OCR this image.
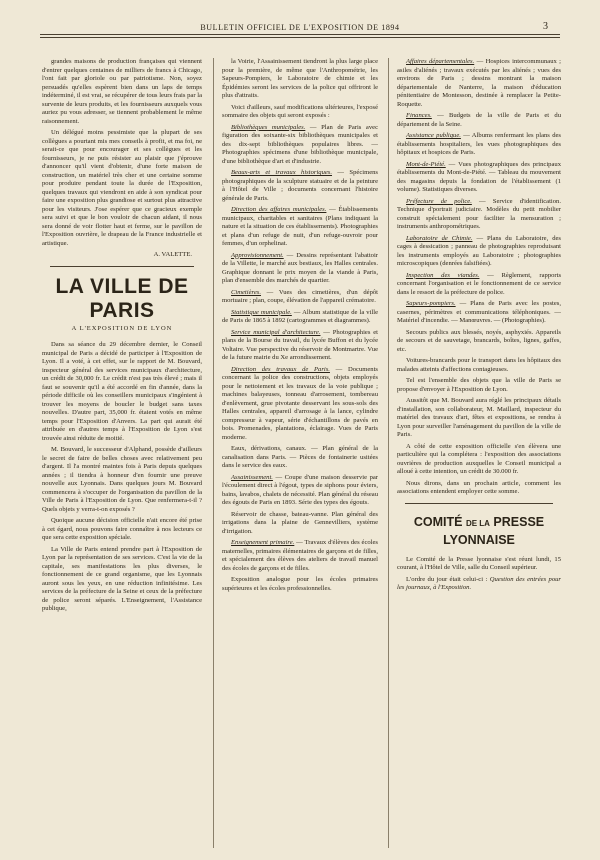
BULLETIN OFFICIEL DE L'EXPOSITION DE 1894	3

grandes maisons de production françaises qui viennent d'entrer quelques centaines de milliers de francs à Chicago, l'ont fait par gloriole ou par patriotisme. Non, soyez persuadés qu'elles espèrent bien dans un laps de temps indéterminé, il est vrai, se récupérer de tous leurs frais par la survente de leurs produits, et les fournisseurs auxquels vous auriez pu vous adresser, se tiennent probablement le même raisonnement.

Un délégué moins pessimiste que la plupart de ses collègues a pourtant mis mes conseils à profit, et ma foi, ne serait-ce que pour encourager et ses collègues et les fournisseurs, je ne puis résister au plaisir que j'éprouve d'annoncer qu'il vient d'obtenir, d'une forte maison de construction, un matériel très cher et une certaine somme pour produire pendant toute la durée de l'Exposition, quelques travaux qui viendront en aide à son syndicat pour faire une exposition plus grandiose et surtout plus attractive pour les visiteurs. J'ose espérer que ce gracieux exemple sera suivi et que le bon vouloir de chacun aidant, il nous sera donné de voir flotter haut et ferme, sur le pavillon de l'Exposition ouvrière, le drapeau de la France industrielle et artistique.

A. VALETTE.
LA VILLE DE PARIS
A L'EXPOSITION DE LYON

Dans sa séance du 29 décembre dernier, le Conseil municipal de Paris a décidé de participer à l'Exposition de Lyon. Il a voté, à cet effet, sur le rapport de M. Bouvard, inspecteur général des services municipaux d'architecture, un crédit de 30,000 fr. Le crédit n'est pas très élevé ; mais il faut se souvenir qu'il a été accordé en fin d'année, dans la période difficile où les conseillers municipaux s'ingénient à trouver les moyens de boucler le budget sans taxes nouvelles. D'autre part, 35,000 fr. étaient votés en même temps pour l'Exposition d'Anvers. La part qui aurait été attribuée en d'autres temps à l'Exposition de Lyon s'est trouvée ainsi réduite de moitié.

M. Bouvard, le successeur d'Alphand, possède d'ailleurs le secret de faire de belles choses avec relativement peu d'argent. Il l'a montré maintes fois à Paris depuis quelques années ; il tiendra à honneur d'en fournir une preuve nouvelle aux Lyonnais. Dans quelques jours M. Bouvard commencera à s'occuper de l'organisation du pavillon de la Ville de Paris à l'Exposition de Lyon. Que renfermera-t-il ? Quels objets y verra-t-on exposés ?

Quoique aucune décision officielle n'ait encore été prise à cet égard, nous pouvons faire connaître à nos lecteurs ce que sera cette exposition spéciale.

La Ville de Paris entend prendre part à l'Exposition de Lyon par la représentation de ses services. C'est la vie de la capitale, ses manifestations les plus diverses, le fonctionnement de ce grand organisme, que les Lyonnais auront sous les yeux, en une réduction infinitésime. Les services de la préfecture de la Seine et ceux de la préfecture de police seront séparés. L'Enseignement, l'Assistance publique,

la Voirie, l'Assainissement tiendront la plus large place pour la première, de même que l'Anthropométrie, les Sapeurs-Pompiers, le Laboratoire de chimie et les Épidémies seront les services de la police qui offriront le plus d'attraits.

Voici d'ailleurs, sauf modifications ultérieures, l'exposé sommaire des objets qui seront exposés :

Bibliothèques municipales. — Plan de Paris avec figuration des soixante-six bibliothèques municipales et des dix-sept bibliothèques populaires libres. — Photographies spécimens d'une bibliothèque municipale, d'une bibliothèque d'art et d'industrie.
Beaux-arts et travaux historiques. — Spécimens photographiques de la sculpture statuaire et de la peinture à l'Hôtel de Ville ; documents concernant l'histoire générale de Paris.
Direction des affaires municipales. — Établissements municipaux, charitables et sanitaires (Plans indiquant la nature et la situation de ces établissements). Photographies et plans d'un refuge de nuit, d'un refuge-ouvroir pour femmes, d'un orphelinat.
Approvisionnement. — Dessins représentant l'abattoir de la Villette, le marché aux bestiaux, les Halles centrales. Graphique donnant le prix moyen de la viande à Paris, plan d'ensemble des marchés de quartier.
Cimetières. — Vues des cimetières, d'un dépôt mortuaire ; plan, coupe, élévation de l'appareil crématoire.
Statistique municipale. — Album statistique de la ville de Paris de 1865 à 1892 (cartogrammes et diagrammes).
Service municipal d'architecture. — Photographies et plans de la Bourse du travail, du lycée Buffon et du lycée Voltaire. Vue perspective du réservoir de Montmartre. Vue de la future mairie du Xe arrondissement.
Direction des travaux de Paris. — Documents concernant la police des constructions, objets employés pour le nettoiement et les travaux de la voie publique ; machines balayeuses, tonneau d'arrosement, tombereau d'enlèvement, grue pivotante desservant les sous-sols des Halles centrales, appareil d'arrosage à la lance, cylindre compresseur à vapeur, série d'échantillons de pavés en bois. Promenades, plantations, éclairage. Vues de Paris moderne.

Eaux, dérivations, canaux. — Plan général de la canalisation dans Paris. — Pièces de fontainerie usitées dans le service des eaux.

Assainissement. — Coupe d'une maison desservie par l'écoulement direct à l'égout, types de siphons pour éviers, bains, lavabos, chalets de nécessité. Plan général du réseau des égouts de Paris en 1893. Série des types des égouts.

Réservoir de chasse, bateau-vanne. Plan général des irrigations dans la plaine de Gennevilliers, système d'irrigation.

Enseignement primaire. — Travaux d'élèves des écoles maternelles, primaires élémentaires de garçons et de filles, et spécialement des élèves des ateliers de travail manuel des écoles de garçons et de filles.

Exposition analogue pour les écoles primaires supérieures et les écoles professionnelles.

Affaires départementales. — Hospices intercommunaux ; asiles d'aliénés ; travaux exécutés par les aliénés ; vues des environs de Paris ; dessins montrant la maison départementale de Nanterre, la maison d'éducation pénitentiaire de Montesson, destinée à remplacer la Petite-Roquette.
Finances. — Budgets de la ville de Paris et du département de la Seine.
Assistance publique. — Albums renfermant les plans des établissements hospitaliers, les vues photographiques des hôpitaux et hospices de Paris.
Mont-de-Piété. — Vues photographiques des principaux établissements du Mont-de-Piété. — Tableau du mouvement des magasins depuis la fondation de l'établissement (1 volume). Statistiques diverses.
Préfecture de police. — Service d'identification. Technique d'portrait judiciaire. Modèles du petit mobilier construit spécialement pour faciliter la mensuration ; instruments anthropométriques.
Laboratoire de Chimie. — Plans du Laboratoire, des cages à dessication ; panneau de photographies reproduisant les instruments employés au Laboratoire ; photographies microscopiques (denrées falsifiées).
Inspection des viandes. — Règlement, rapports concernant l'organisation et le fonctionnement de ce service dans le ressort de la préfecture de police.
Sapeurs-pompiers. — Plans de Paris avec les postes, casernes, périmètres et communications téléphoniques. — Matériel d'incendie. — Manœuvres. — (Photographies).

Secours publics aux blessés, noyés, asphyxiés. Appareils de secours et de sauvetage, brancards, boîtes, lignes, gaffes, etc.

Voitures-brancards pour le transport dans les hôpitaux des malades atteints d'affections contagieuses.

Tel est l'ensemble des objets que la ville de Paris se propose d'envoyer à l'Exposition de Lyon.

Aussitôt que M. Bouvard aura réglé les principaux détails d'installation, son collaborateur, M. Maillard, inspecteur du matériel des travaux d'art, fêtes et expositions, se rendra à Lyon pour surveiller l'aménagement du pavillon de la ville de Paris.

A côté de cette exposition officielle s'en élèvera une particulière qui la complétera : l'exposition des associations ouvrières de production auxquelles le Conseil municipal a alloué à cette intention, un crédit de 30.000 fr.

Nous dirons, dans un prochain article, comment les associations entendent employer cette somme.

COMITÉ DE LA PRESSE LYONNAISE

Le Comité de la Presse lyonnaise s'est réuni lundi, 15 courant, à l'Hôtel de Ville, salle du Conseil supérieur.

L'ordre du jour était celui-ci : Question des entrées pour les journaux, à l'Exposition.
